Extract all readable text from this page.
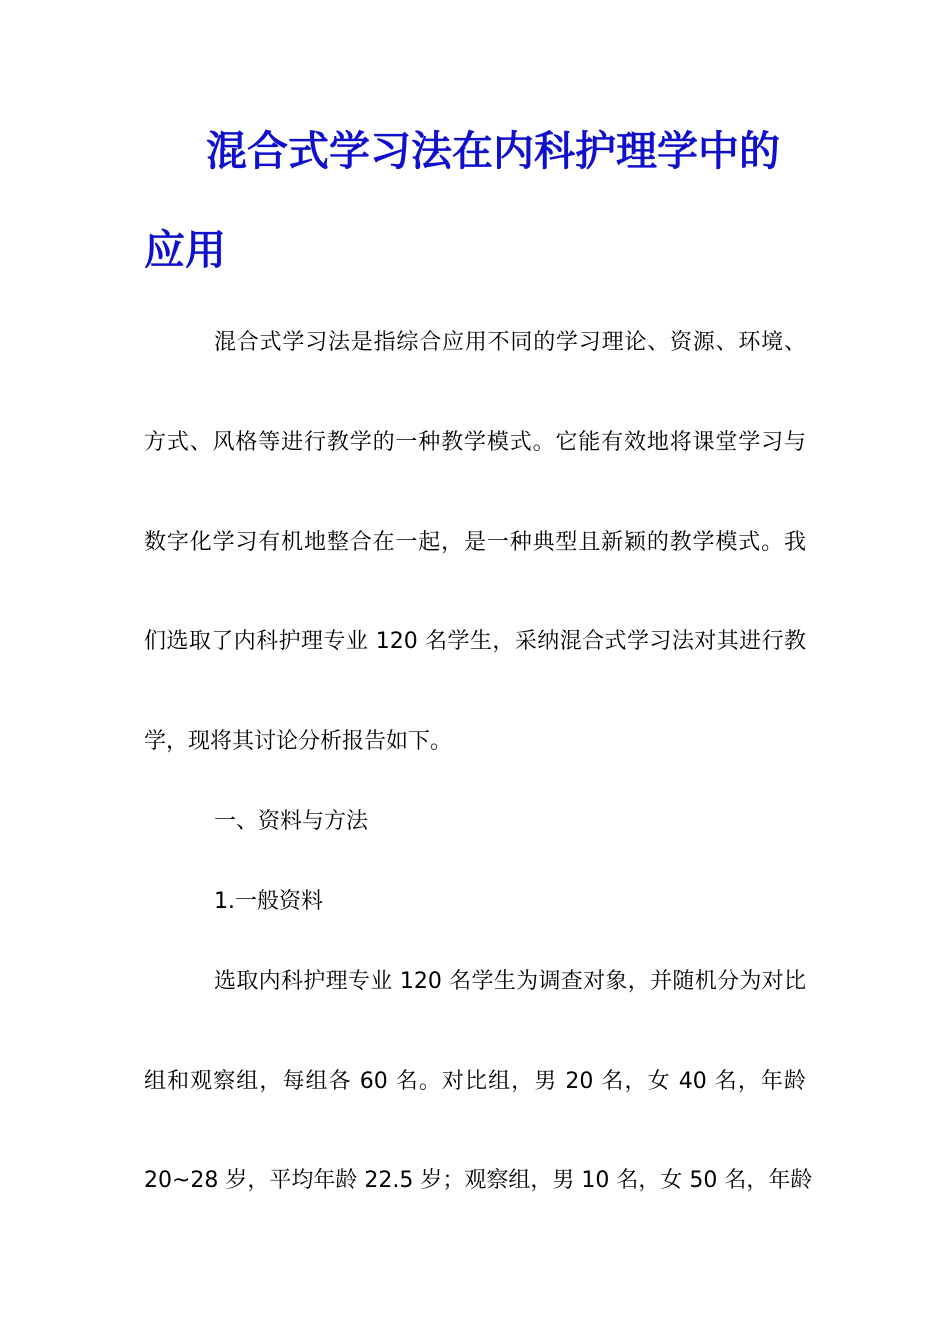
混合式学习法在内科护理学中的
应用
混合式学习法是指综合应用不同的学习理论、资源、环境、
方式、风格等进行教学的一种教学模式。它能有效地将课堂学习与
数字化学习有机地整合在一起，是一种典型且新颖的教学模式。我
们选取了内科护理专业 120 名学生，采纳混合式学习法对其进行教
学，现将其讨论分析报告如下。
一、资料与方法
1.一般资料
选取内科护理专业 120 名学生为调查对象，并随机分为对比
组和观察组，每组各 60 名。对比组，男 20 名，女 40 名，年龄
20~28 岁，平均年龄 22.5 岁；观察组，男 10 名，女 50 名，年龄
